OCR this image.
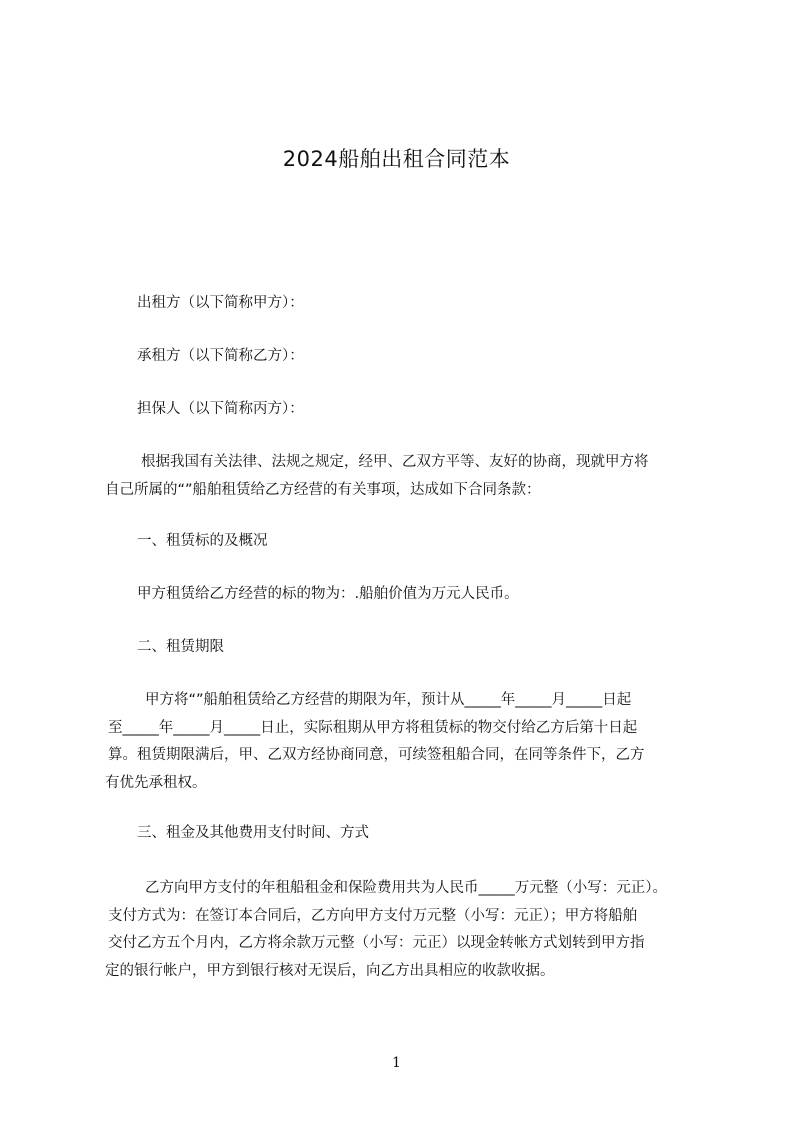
2024船舶出租合同范本
出租方（以下简称甲方）：
承租方（以下简称乙方）：
担保人（以下简称丙方）：
根据我国有关法律、法规之规定，经甲、乙双方平等、友好的协商，现就甲方将
自己所属的“”船舶租赁给乙方经营的有关事项，达成如下合同条款：
一、租赁标的及概况
甲方租赁给乙方经营的标的物为：.船舶价值为万元人民币。
二、租赁期限
甲方将“”船舶租赁给乙方经营的期限为年，预计从_____年_____月_____日起
至_____年_____月_____日止，实际租期从甲方将租赁标的物交付给乙方后第十日起
算。租赁期限满后，甲、乙双方经协商同意，可续签租船合同，在同等条件下，乙方
有优先承租权。
三、租金及其他费用支付时间、方式
乙方向甲方支付的年租船租金和保险费用共为人民币_____万元整（小写：元正）。
支付方式为：在签订本合同后，乙方向甲方支付万元整（小写：元正）；甲方将船舶
交付乙方五个月内，乙方将余款万元整（小写：元正）以现金转帐方式划转到甲方指
定的银行帐户，甲方到银行核对无误后，向乙方出具相应的收款收据。
1
